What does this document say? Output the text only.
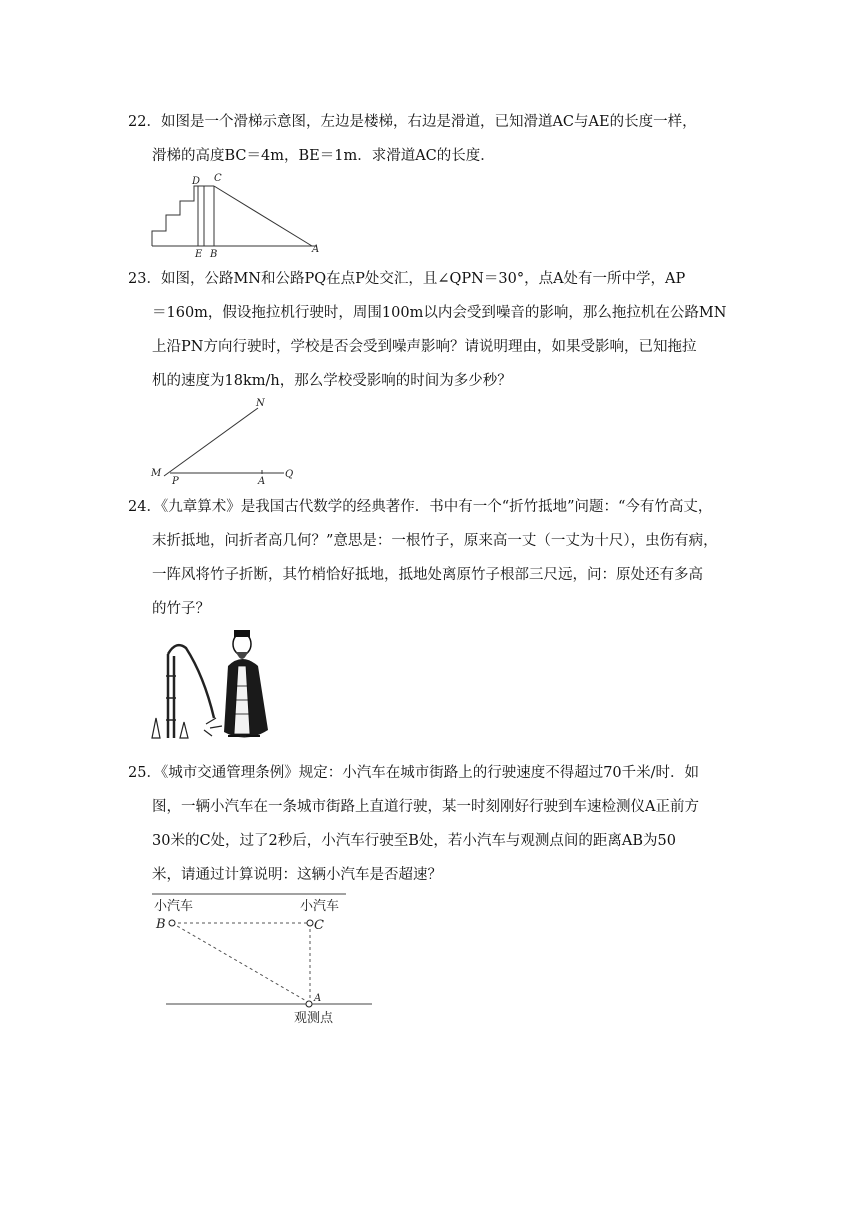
22．如图是一个滑梯示意图，左边是楼梯，右边是滑道，已知滑道AC与AE的长度一样，
滑梯的高度BC＝4m，BE＝1m．求滑道AC的长度．
D C
E B	A
23．如图，公路MN和公路PQ在点P处交汇，且∠QPN＝30°，点A处有一所中学，AP
＝160m，假设拖拉机行驶时，周围100m以内会受到噪音的影响，那么拖拉机在公路MN
上沿PN方向行驶时，学校是否会受到噪声影响？请说明理由，如果受影响，已知拖拉
机的速度为18km/h，那么学校受影响的时间为多少秒？
N
M
P	A
Q
24．《九章算术》是我国古代数学的经典著作．书中有一个“折竹抵地”问题：“今有竹高丈，
末折抵地，问折者高几何？”意思是：一根竹子，原来高一丈（一丈为十尺），虫伤有病，
一阵风将竹子折断，其竹梢恰好抵地，抵地处离原竹子根部三尺远，问：原处还有多高
的竹子？
25．《城市交通管理条例》规定：小汽车在城市街路上的行驶速度不得超过70千米/时．如
图，一辆小汽车在一条城市街路上直道行驶，某一时刻刚好行驶到车速检测仪A正前方
30米的C处，过了2秒后，小汽车行驶至B处，若小汽车与观测点间的距离AB为50
米，请通过计算说明：这辆小汽车是否超速？
小汽车	小汽车
B	C
A
观测点
